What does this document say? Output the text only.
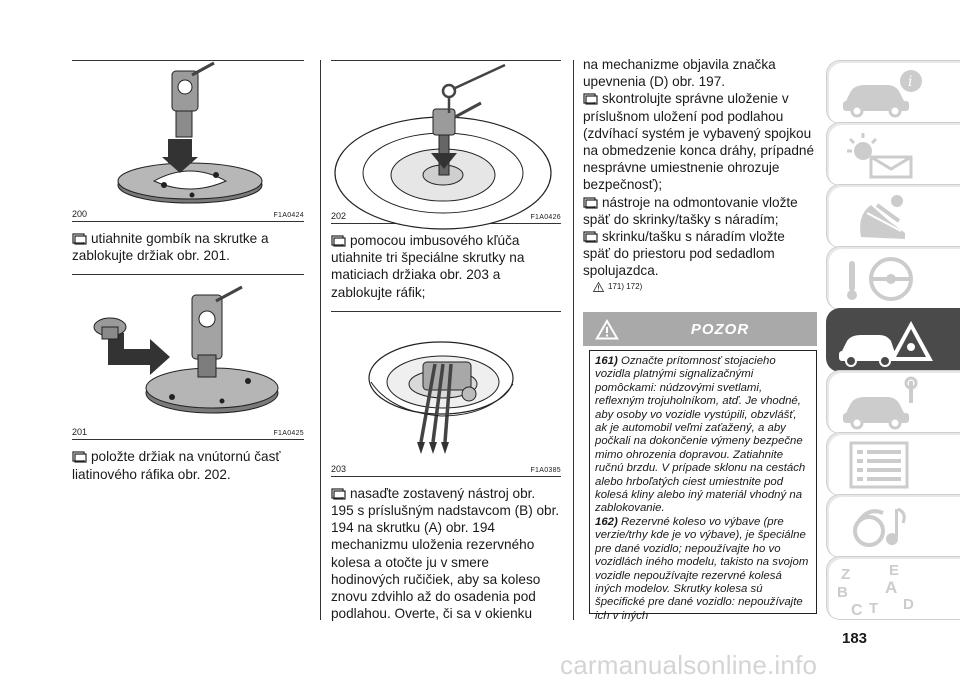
200	F1A0424

utiahnite gombík na skrutke a zablokujte držiak obr. 201.

201	F1A0425

položte držiak na vnútornú časť liatinového ráfika obr. 202.

202	F1A0426

pomocou imbusového kľúča utiahnite tri špeciálne skrutky na maticiach držiaka obr. 203 a zablokujte ráfik;

203	F1A0385

nasaďte zostavený nástroj obr. 195 s príslušným nadstavcom (B) obr. 194 na skrutku (A) obr. 194 mechanizmu uloženia rezervného kolesa a otočte ju v smere hodinových ručičiek, aby sa koleso znovu zdvihlo až do osadenia pod podlahou. Overte, či sa v okienku

na mechanizme objavila značka upevnenia (D) obr. 197.

skontrolujte správne uloženie v príslušnom uložení pod podlahou (zdvíhací systém je vybavený spojkou na obmedzenie konca dráhy, prípadné nesprávne umiestnenie ohrozuje bezpečnosť);

nástroje na odmontovanie vložte späť do skrinky/tašky s náradím;

skrinku/tašku s náradím vložte späť do priestoru pod sedadlom spolujazdca.

171) 172)
POZOR

161) Označte prítomnosť stojacieho vozidla platnými signalizačnými pomôckami: núdzovými svetlami, reflexným trojuholníkom, atď. Je vhodné, aby osoby vo vozidle vystúpili, obzvlášť, ak je automobil veľmi zaťažený, a aby počkali na dokončenie výmeny bezpečne mimo ohrozenia dopravou. Zatiahnite ručnú brzdu. V prípade sklonu na cestách alebo hrboľatých ciest umiestnite pod kolesá kliny alebo iný materiál vhodný na zablokovanie.

162) Rezervné koleso vo výbave (pre verzie/trhy kde je vo výbave), je špeciálne pre dané vozidlo; nepoužívajte ho vo vozidlách iného modelu, takisto na svojom vozidle nepoužívajte rezervné kolesá iných modelov. Skrutky kolesa sú špecifické pre dané vozidlo: nepoužívajte ich v iných

i
Z	E
A
B
C T D
183
carmanualsonline.info
